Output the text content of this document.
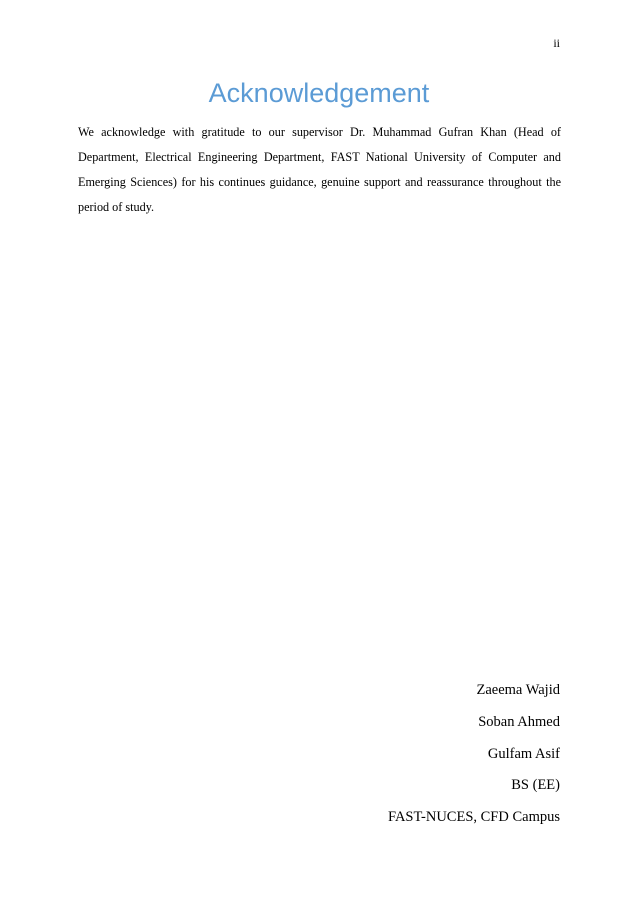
ii
Acknowledgement

We acknowledge with gratitude to our supervisor Dr. Muhammad Gufran Khan (Head of Department, Electrical Engineering Department, FAST National University of Computer and Emerging Sciences) for his continues guidance, genuine support and reassurance throughout the period of study.

Zaeema Wajid
Soban Ahmed
Gulfam Asif
BS (EE)
FAST-NUCES, CFD Campus
